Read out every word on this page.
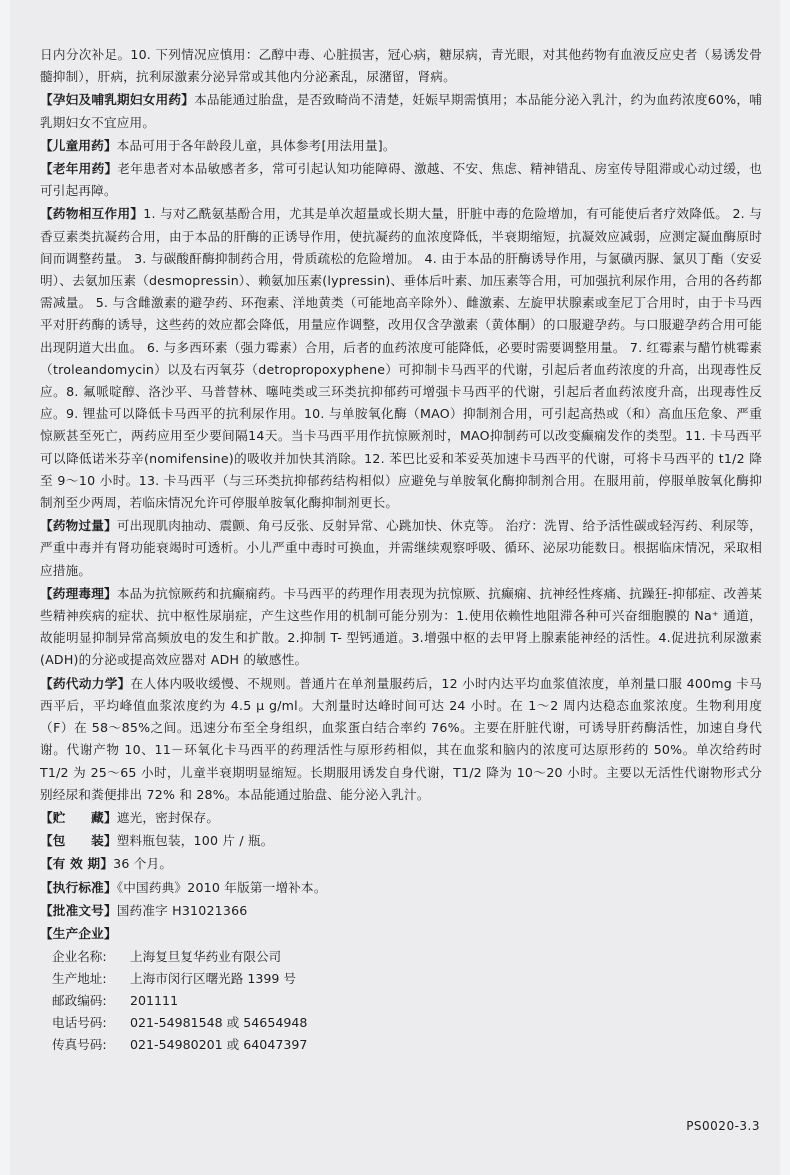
日内分次补足。10. 下列情况应慎用：乙醇中毒、心脏损害，冠心病，糖尿病，青光眼，对其他药物有血液反应史者（易诱发骨髓抑制），肝病，抗利尿激素分泌异常或其他内分泌紊乱，尿潴留，肾病。
【孕妇及哺乳期妇女用药】本品能通过胎盘，是否致畸尚不清楚，妊娠早期需慎用；本品能分泌入乳汁，约为血药浓度60%，哺乳期妇女不宜应用。
【儿童用药】本品可用于各年龄段儿童，具体参考[用法用量]。
【老年用药】老年患者对本品敏感者多，常可引起认知功能障碍、激越、不安、焦虑、精神错乱、房室传导阻滞或心动过缓，也可引起再障。
【药物相互作用】1. 与对乙酰氨基酚合用，尤其是单次超量或长期大量，肝脏中毒的危险增加，有可能使后者疗效降低。 2. 与香豆素类抗凝药合用，由于本品的肝酶的正诱导作用，使抗凝药的血浓度降低，半衰期缩短，抗凝效应减弱，应测定凝血酶原时间而调整药量。 3. 与碳酸酐酶抑制药合用，骨质疏松的危险增加。 4. 由于本品的肝酶诱导作用，与氯磺丙脲、氯贝丁酯（安妥明）、去氨加压素（desmopressin）、赖氨加压素(lypressin)、垂体后叶素、加压素等合用，可加强抗利尿作用，合用的各药都需减量。 5. 与含雌激素的避孕药、环孢素、洋地黄类（可能地高辛除外）、雌激素、左旋甲状腺素或奎尼丁合用时，由于卡马西平对肝药酶的诱导，这些药的效应都会降低，用量应作调整，改用仅含孕激素（黄体酮）的口服避孕药。与口服避孕药合用可能出现阴道大出血。 6. 与多西环素（强力霉素）合用，后者的血药浓度可能降低，必要时需要调整用量。 7. 红霉素与醋竹桃霉素（troleandomycin）以及右丙氧芬（detropropoxyphene）可抑制卡马西平的代谢，引起后者血药浓度的升高，出现毒性反应。8. 氟哌啶醇、洛沙平、马普替林、噻吨类或三环类抗抑郁药可增强卡马西平的代谢，引起后者血药浓度升高，出现毒性反应。9. 锂盐可以降低卡马西平的抗利尿作用。10. 与单胺氧化酶（MAO）抑制剂合用，可引起高热或（和）高血压危象、严重惊厥甚至死亡，两药应用至少要间隔14天。当卡马西平用作抗惊厥剂时，MAO抑制药可以改变癫痫发作的类型。11. 卡马西平可以降低诺米芬辛(nomifensine)的吸收并加快其消除。12. 苯巴比妥和苯妥英加速卡马西平的代谢，可将卡马西平的 t1/2 降至 9～10 小时。13. 卡马西平（与三环类抗抑郁药结构相似）应避免与单胺氧化酶抑制剂合用。在服用前，停服单胺氧化酶抑制剂至少两周，若临床情况允许可停服单胺氧化酶抑制剂更长。
【药物过量】可出现肌肉抽动、震颤、角弓反张、反射异常、心跳加快、休克等。 治疗：洗胃、给予活性碳或轻泻药、利尿等，严重中毒并有肾功能衰竭时可透析。小儿严重中毒时可换血，并需继续观察呼吸、循环、泌尿功能数日。根据临床情况，采取相应措施。
【药理毒理】本品为抗惊厥药和抗癫痫药。卡马西平的药理作用表现为抗惊厥、抗癫痫、抗神经性疼痛、抗躁狂-抑郁症、改善某些精神疾病的症状、抗中枢性尿崩症，产生这些作用的机制可能分别为：1.使用依赖性地阻滞各种可兴奋细胞膜的 Na⁺ 通道，故能明显抑制异常高频放电的发生和扩散。2.抑制 T- 型钙通道。3.增强中枢的去甲肾上腺素能神经的活性。4.促进抗利尿激素(ADH)的分泌或提高效应器对 ADH 的敏感性。
【药代动力学】在人体内吸收缓慢、不规则。普通片在单剂量服药后，12 小时内达平均血浆值浓度，单剂量口服 400mg 卡马西平后，平均峰值血浆浓度约为 4.5 μ g/ml。大剂量时达峰时间可达 24 小时。在 1～2 周内达稳态血浆浓度。生物利用度（F）在 58～85%之间。迅速分布至全身组织，血浆蛋白结合率约 76%。主要在肝脏代谢，可诱导肝药酶活性，加速自身代谢。代谢产物 10、11－环氧化卡马西平的药理活性与原形药相似，其在血浆和脑内的浓度可达原形药的 50%。单次给药时 T1/2 为 25～65 小时，儿童半衰期明显缩短。长期服用诱发自身代谢，T1/2 降为 10～20 小时。主要以无活性代谢物形式分别经尿和粪便排出 72% 和 28%。本品能通过胎盘、能分泌入乳汁。
【贮　　藏】遮光，密封保存。
【包　　装】塑料瓶包装，100 片 / 瓶。
【有 效 期】36 个月。
【执行标准】《中国药典》2010 年版第一增补本。
【批准文号】国药准字 H31021366
【生产企业】
企业名称:	上海复旦复华药业有限公司
生产地址:	上海市闵行区曙光路 1399 号
邮政编码:	201111
电话号码:	021-54981548 或 54654948
传真号码:	021-54980201 或 64047397
PS0020-3.3
